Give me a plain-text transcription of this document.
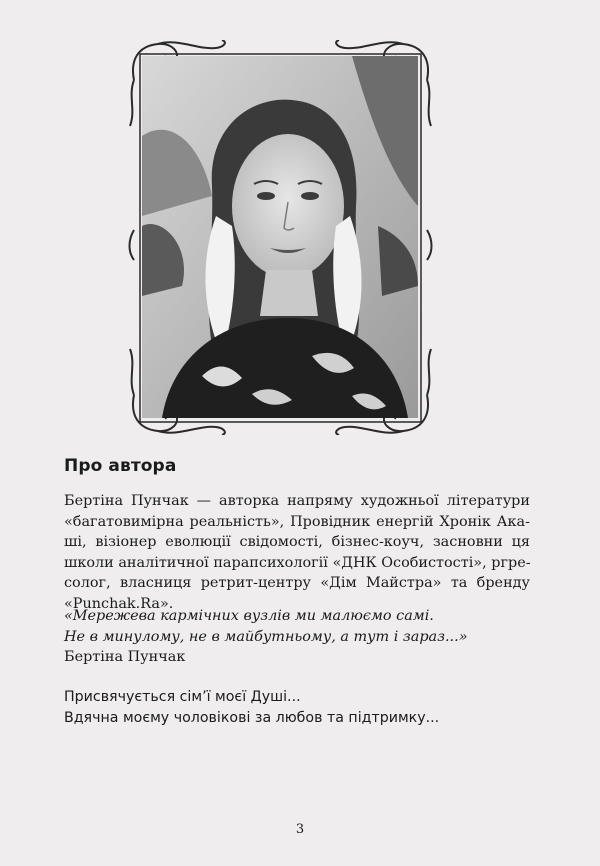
Про автора

Бертіна Пунчак — авторка напряму художньої літератури
«багатовимірна реальність», Провідник енергій Хронік Ака-
ші, візіонер еволюції свідомості, бізнес-коуч, засновни ця
школи аналітичної парапсихології «ДНК Особистості», ргре-
солог, власниця ретрит-центру «Дім Майстра» та бренду
«Punchak.Ra».

«Мережева кармічних вузлів ми малюємо самі.
Не в минулому, не в майбутньому, а тут і зараз...»
Бертіна Пунчак

Присвячується сім’ї моєї Душі...
Вдячна моєму чоловікові за любов та підтримку...

3
